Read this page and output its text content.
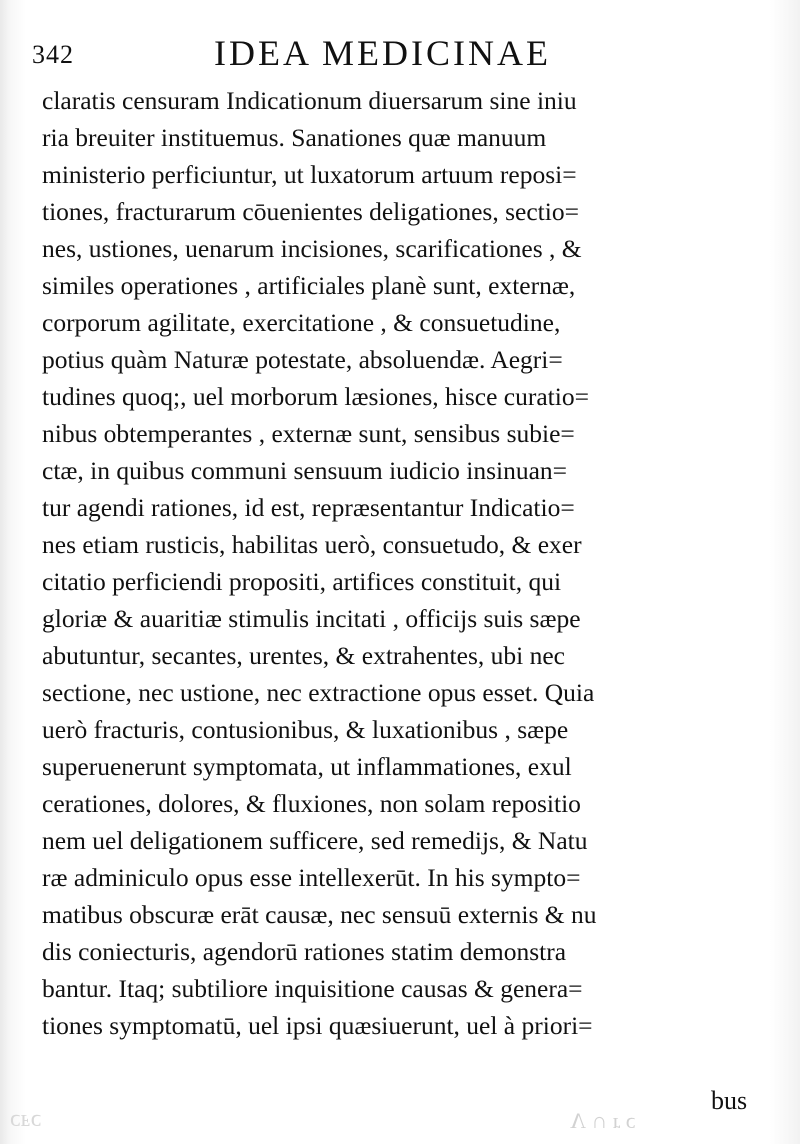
342	IDEA MEDICINAE
claratis censuram Indicationum diuersarum sine iniu
ria breuiter instituemus. Sanationes quæ manuum
ministerio perficiuntur, ut luxatorum artuum reposi=
tiones, fracturarum cōuenientes deligationes, sectio=
nes, ustiones, uenarum incisiones, scarificationes , &
similes operationes , artificiales planè sunt, externæ,
corporum agilitate, exercitatione , & consuetudine,
potius quàm Naturæ potestate, absoluendæ. Aegri=
tudines quoq;, uel morborum læsiones, hisce curatio=
nibus obtemperantes , externæ sunt, sensibus subie=
ctæ, in quibus communi sensuum iudicio insinuan=
tur agendi rationes, id est, repræsentantur Indicatio=
nes etiam rusticis, habilitas uerò, consuetudo, & exer
citatio perficiendi propositi, artifices constituit, qui
gloriæ & auaritiæ stimulis incitati , officijs suis sæpe
abutuntur, secantes, urentes, & extrahentes, ubi nec
sectione, nec ustione, nec extractione opus esset. Quia
uerò fracturis, contusionibus, & luxationibus , sæpe
superuenerunt symptomata, ut inflammationes, exul
cerationes, dolores, & fluxiones, non solam repositio
nem uel deligationem sufficere, sed remedijs, & Natu
ræ adminiculo opus esse intellexerūt. In his sympto=
matibus obscuræ erāt causæ, nec sensuū externis & nu
dis coniecturis, agendorū rationes statim demonstra
bantur. Itaq; subtiliore inquisitione causas & genera=
tiones symptomatū, uel ipsi quæsiuerunt, uel à priori=
bus
ɔⅎɔ	ɔ ɹ ∩ Λ
